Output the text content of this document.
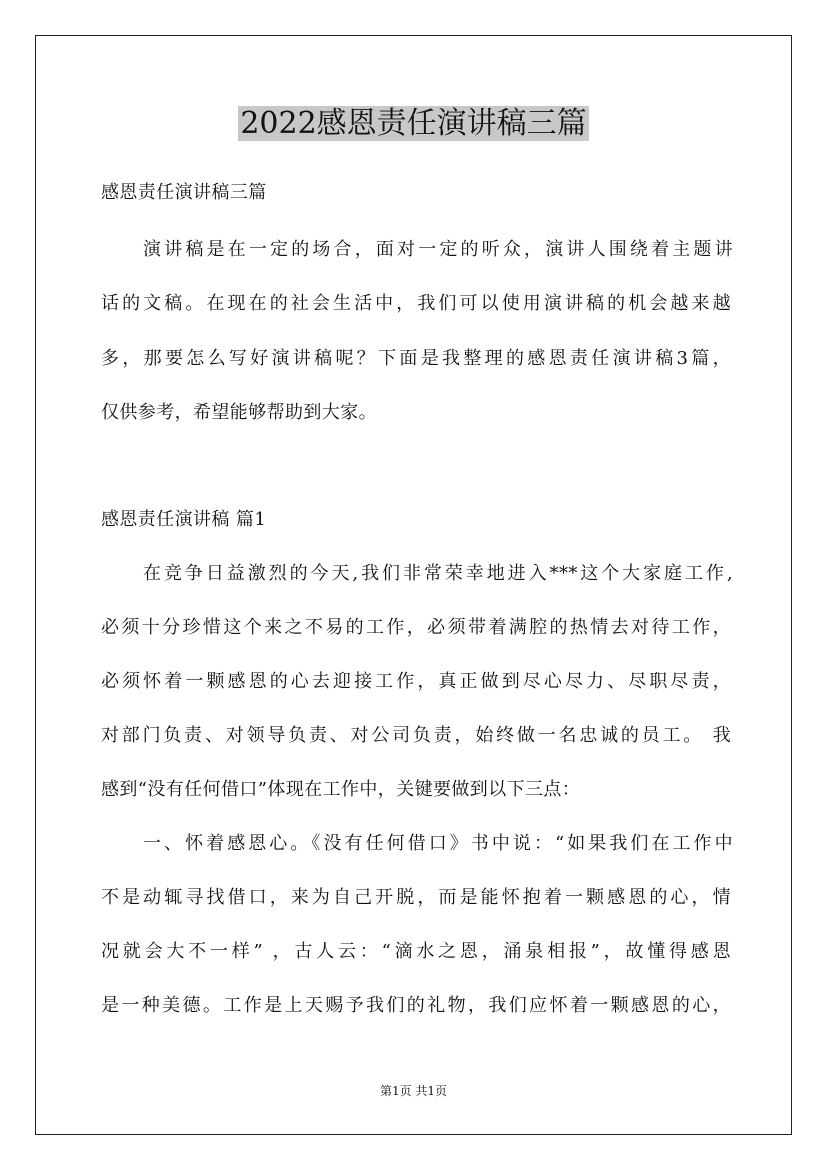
2022感恩责任演讲稿三篇
感恩责任演讲稿三篇
演讲稿是在一定的场合，面对一定的听众，演讲人围绕着主题讲
话的文稿。在现在的社会生活中，我们可以使用演讲稿的机会越来越
多，那要怎么写好演讲稿呢？下面是我整理的感恩责任演讲稿3篇，
仅供参考，希望能够帮助到大家。
感恩责任演讲稿 篇1
在竞争日益激烈的今天,我们非常荣幸地进入***这个大家庭工作,
必须十分珍惜这个来之不易的工作，必须带着满腔的热情去对待工作，
必须怀着一颗感恩的心去迎接工作，真正做到尽心尽力、尽职尽责，
对部门负责、对领导负责、对公司负责，始终做一名忠诚的员工。 我
感到“没有任何借口”体现在工作中，关键要做到以下三点：
一、怀着感恩心。《没有任何借口》书中说：“如果我们在工作中
不是动辄寻找借口，来为自己开脱，而是能怀抱着一颗感恩的心，情
况就会大不一样” ，古人云：“滴水之恩，涌泉相报”，故懂得感恩
是一种美德。工作是上天赐予我们的礼物，我们应怀着一颗感恩的心，
第1页 共1页
